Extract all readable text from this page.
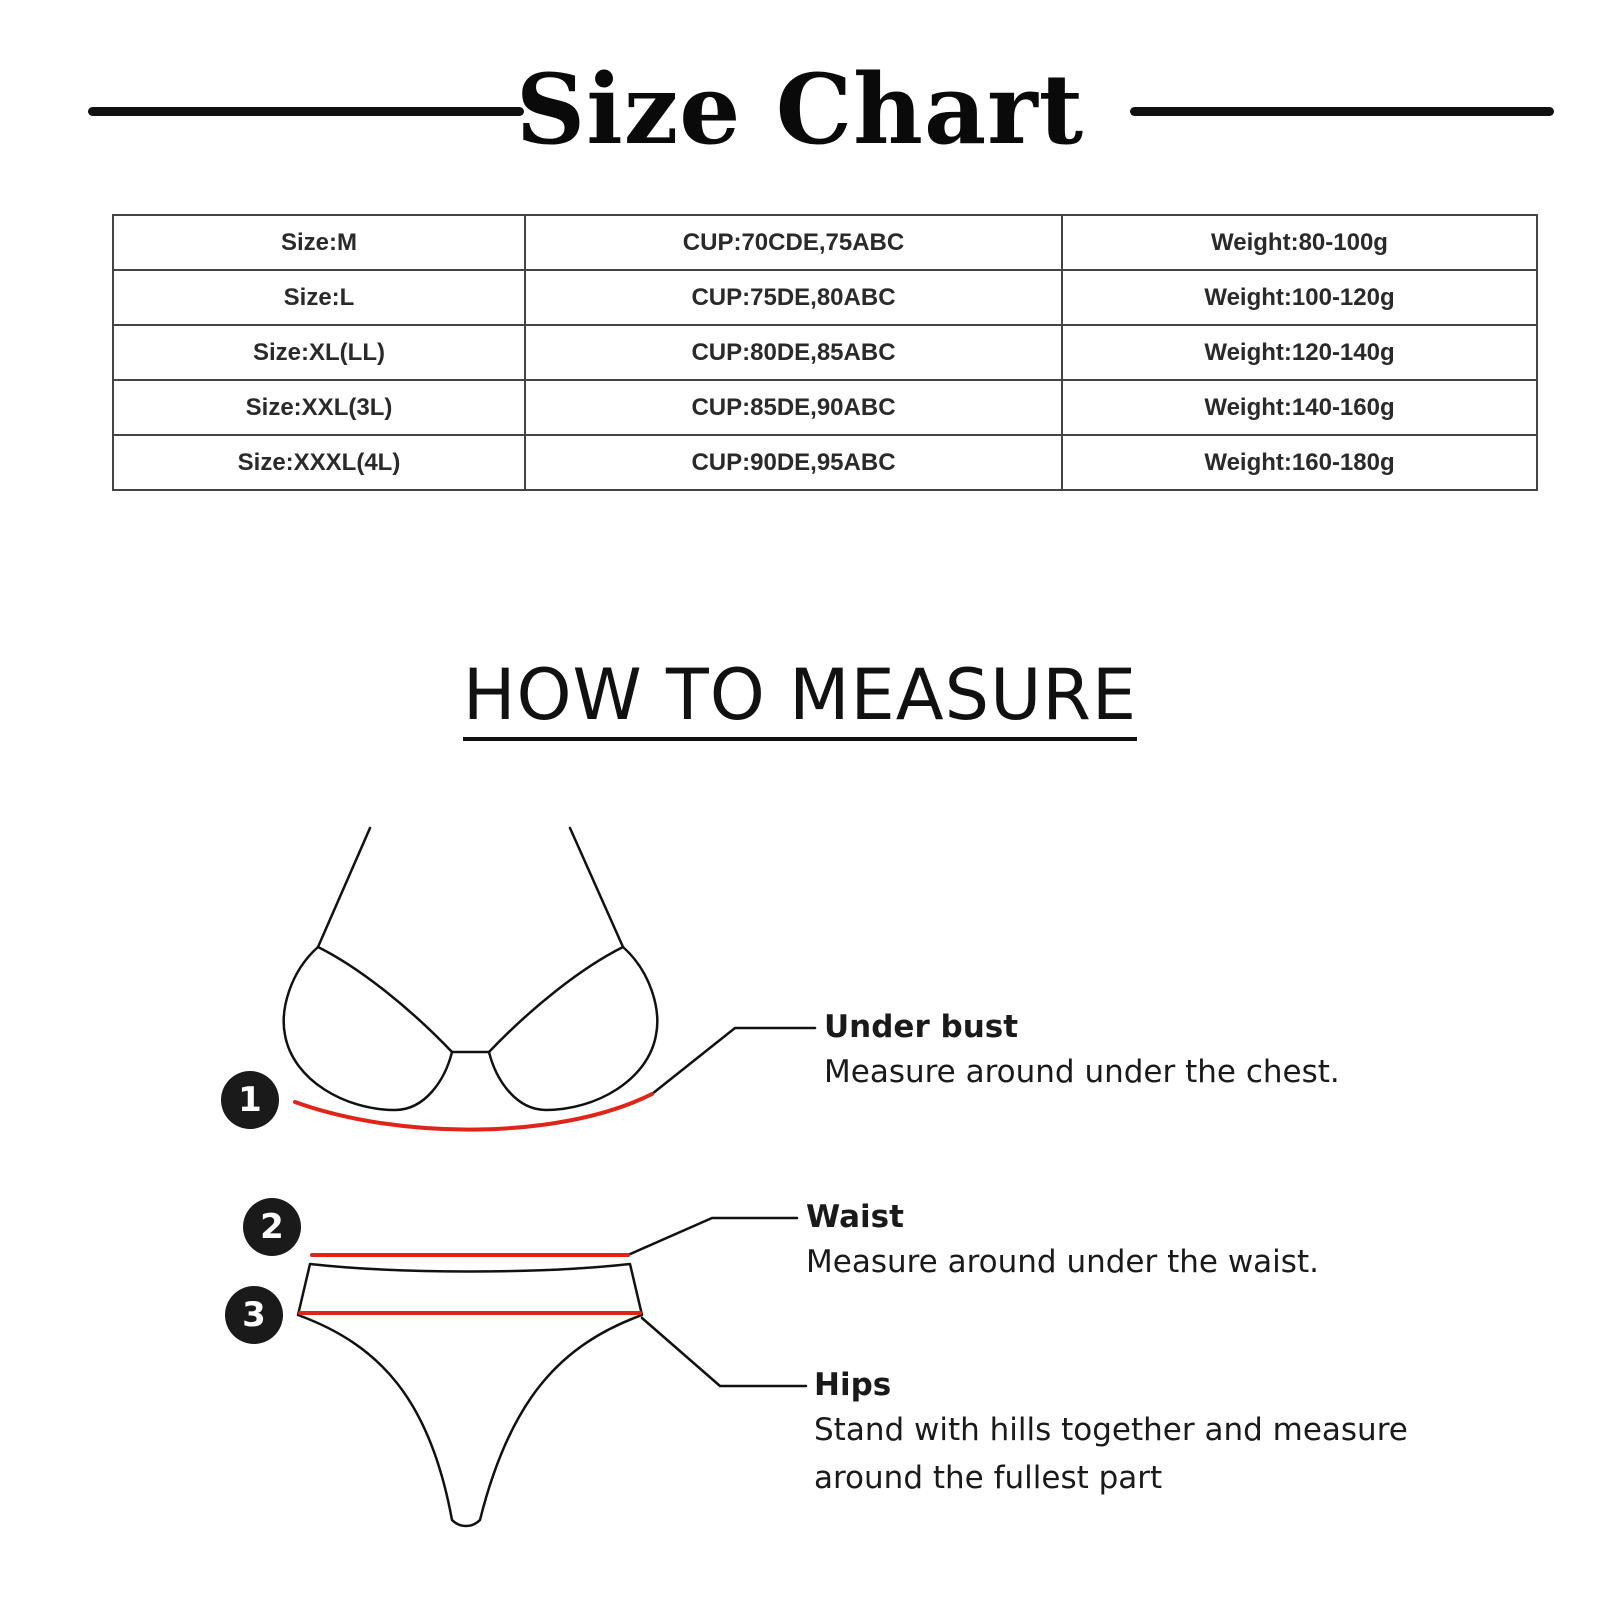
Size Chart
Size:M	CUP:70CDE,75ABC	Weight:80-100g
Size:L	CUP:75DE,80ABC	Weight:100-120g
Size:XL(LL)	CUP:80DE,85ABC	Weight:120-140g
Size:XXL(3L)	CUP:85DE,90ABC	Weight:140-160g
Size:XXXL(4L)	CUP:90DE,95ABC	Weight:160-180g
HOW TO MEASURE
1
2
3
Under bust
Measure around under the chest.
Waist
Measure around under the waist.
Hips
Stand with hills together and measure
around the fullest part
